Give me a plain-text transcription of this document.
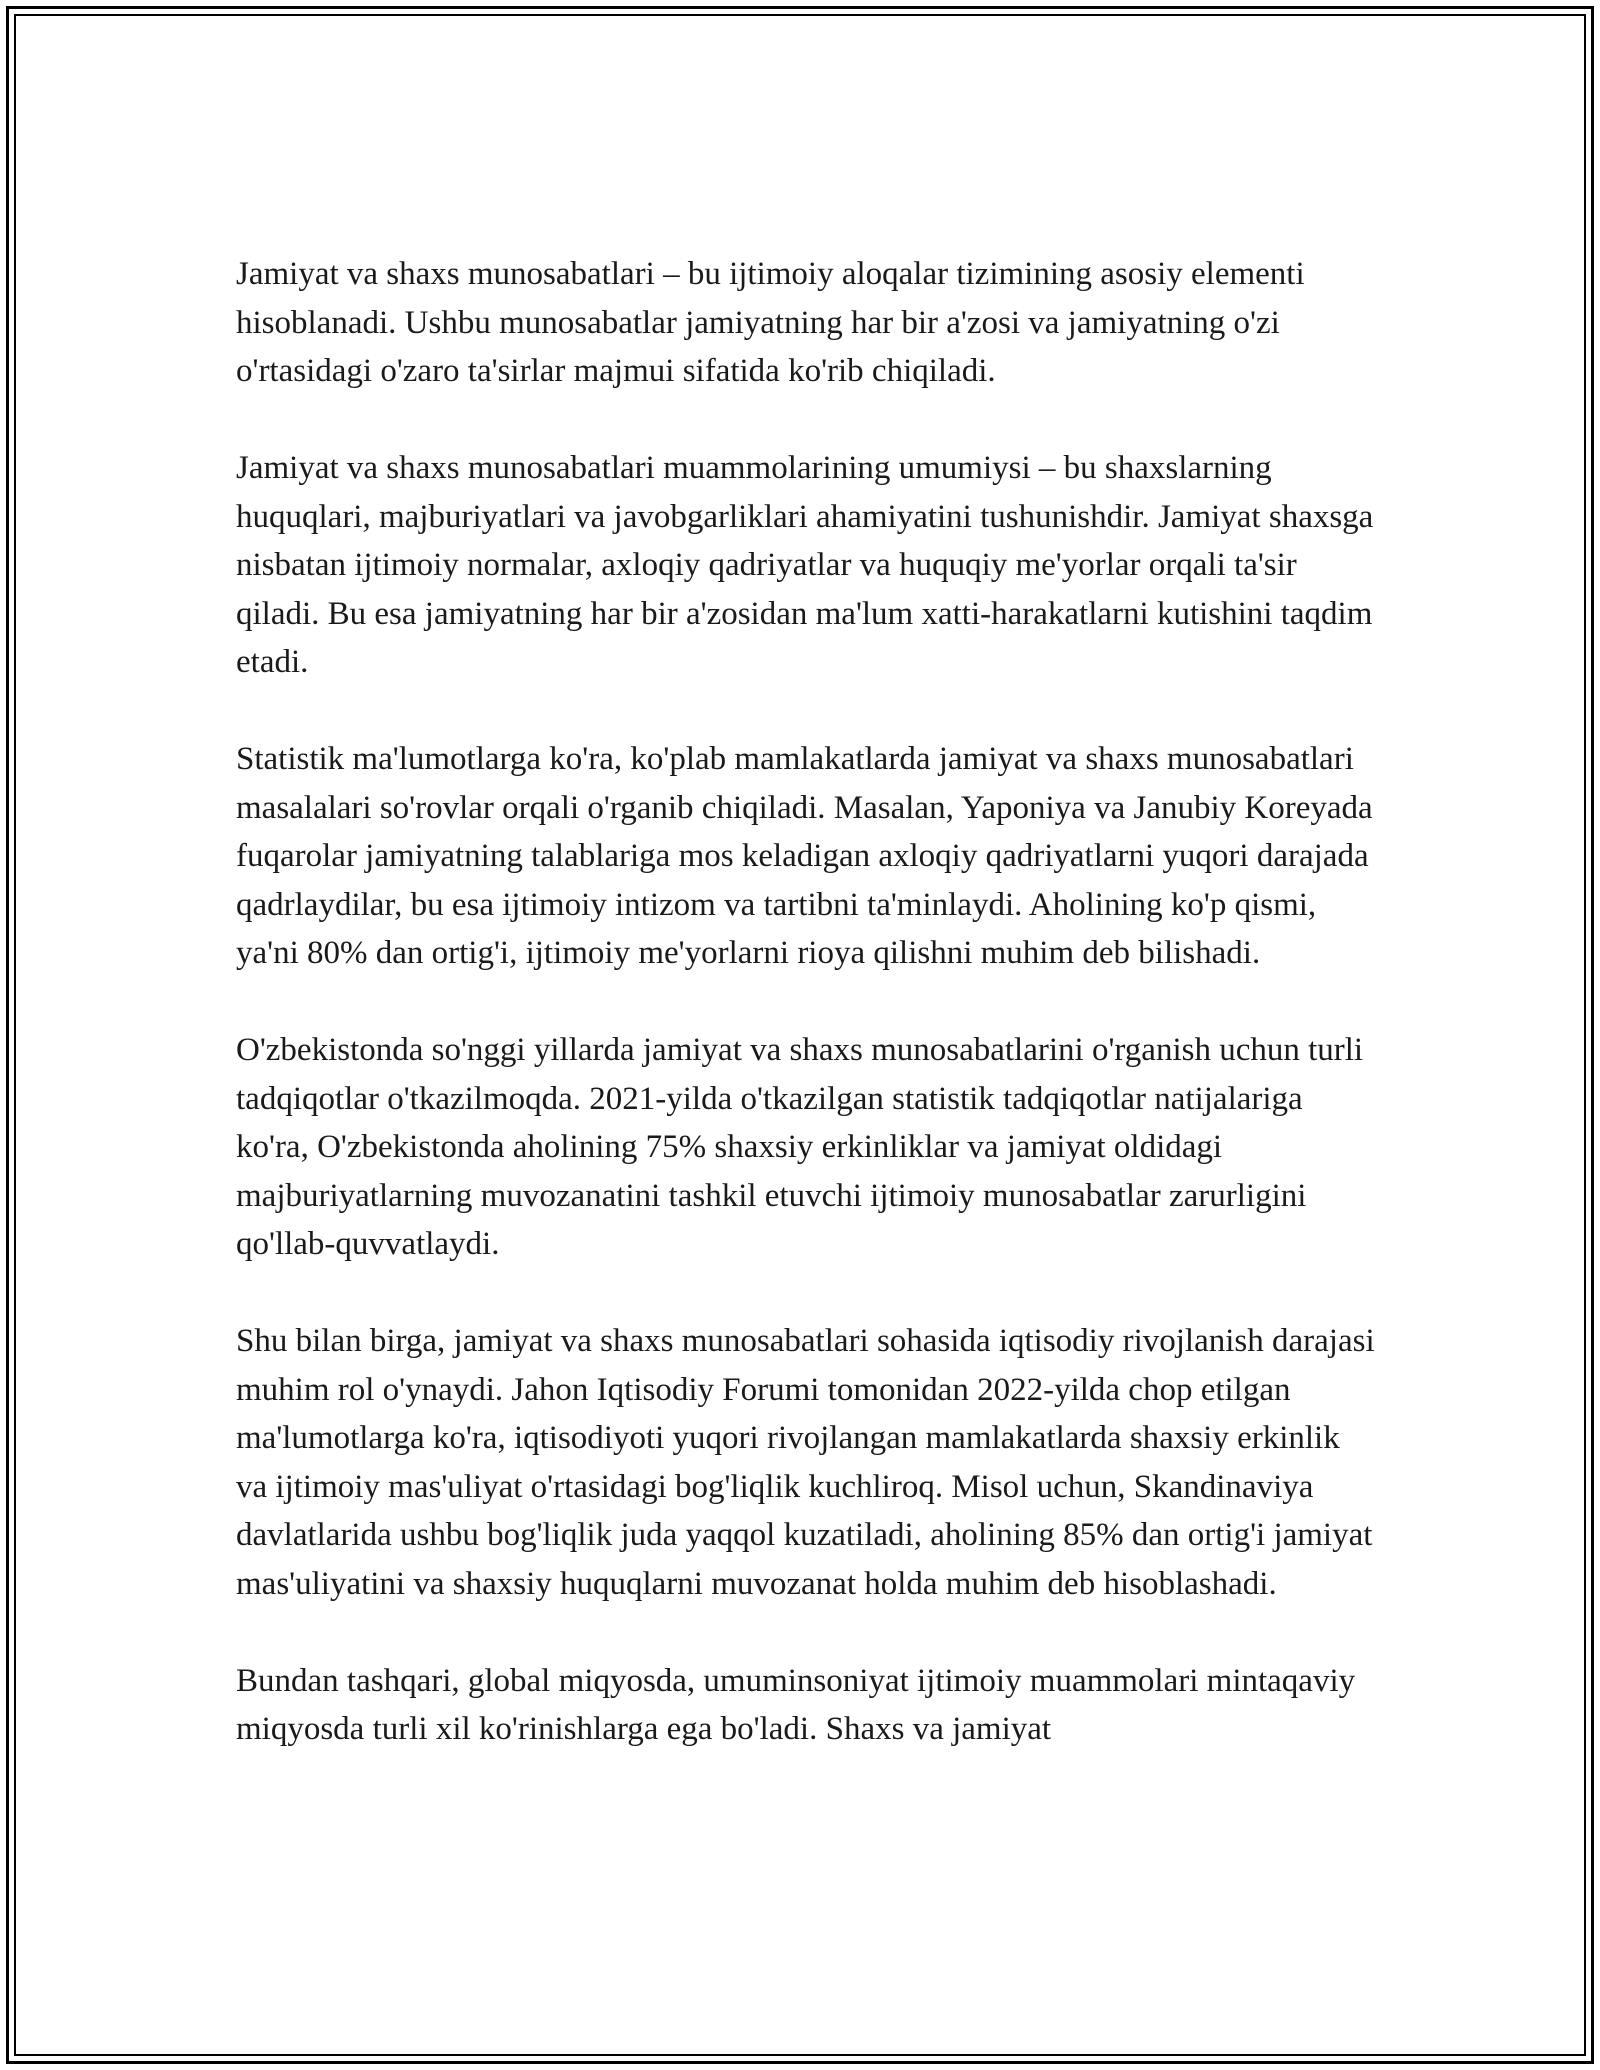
Jamiyat va shaxs munosabatlari – bu ijtimoiy aloqalar tizimining asosiy elementi hisoblanadi. Ushbu munosabatlar jamiyatning har bir a'zosi va jamiyatning o'zi o'rtasidagi o'zaro ta'sirlar majmui sifatida ko'rib chiqiladi.

Jamiyat va shaxs munosabatlari muammolarining umumiysi – bu shaxslarning huquqlari, majburiyatlari va javobgarliklari ahamiyatini tushunishdir. Jamiyat shaxsga nisbatan ijtimoiy normalar, axloqiy qadriyatlar va huquqiy me'yorlar orqali ta'sir qiladi. Bu esa jamiyatning har bir a'zosidan ma'lum xatti-harakatlarni kutishini taqdim etadi.

Statistik ma'lumotlarga ko'ra, ko'plab mamlakatlarda jamiyat va shaxs munosabatlari masalalari so'rovlar orqali o'rganib chiqiladi. Masalan, Yaponiya va Janubiy Koreyada fuqarolar jamiyatning talablariga mos keladigan axloqiy qadriyatlarni yuqori darajada qadrlaydilar, bu esa ijtimoiy intizom va tartibni ta'minlaydi. Aholining ko'p qismi, ya'ni 80% dan ortig'i, ijtimoiy me'yorlarni rioya qilishni muhim deb bilishadi.

O'zbekistonda so'nggi yillarda jamiyat va shaxs munosabatlarini o'rganish uchun turli tadqiqotlar o'tkazilmoqda. 2021-yilda o'tkazilgan statistik tadqiqotlar natijalariga ko'ra, O'zbekistonda aholining 75% shaxsiy erkinliklar va jamiyat oldidagi majburiyatlarning muvozanatini tashkil etuvchi ijtimoiy munosabatlar zarurligini qo'llab-quvvatlaydi.

Shu bilan birga, jamiyat va shaxs munosabatlari sohasida iqtisodiy rivojlanish darajasi muhim rol o'ynaydi. Jahon Iqtisodiy Forumi tomonidan 2022-yilda chop etilgan ma'lumotlarga ko'ra, iqtisodiyoti yuqori rivojlangan mamlakatlarda shaxsiy erkinlik va ijtimoiy mas'uliyat o'rtasidagi bog'liqlik kuchliroq. Misol uchun, Skandinaviya davlatlarida ushbu bog'liqlik juda yaqqol kuzatiladi, aholining 85% dan ortig'i jamiyat mas'uliyatini va shaxsiy huquqlarni muvozanat holda muhim deb hisoblashadi.

Bundan tashqari, global miqyosda, umuminsoniyat ijtimoiy muammolari mintaqaviy miqyosda turli xil ko'rinishlarga ega bo'ladi. Shaxs va jamiyat
